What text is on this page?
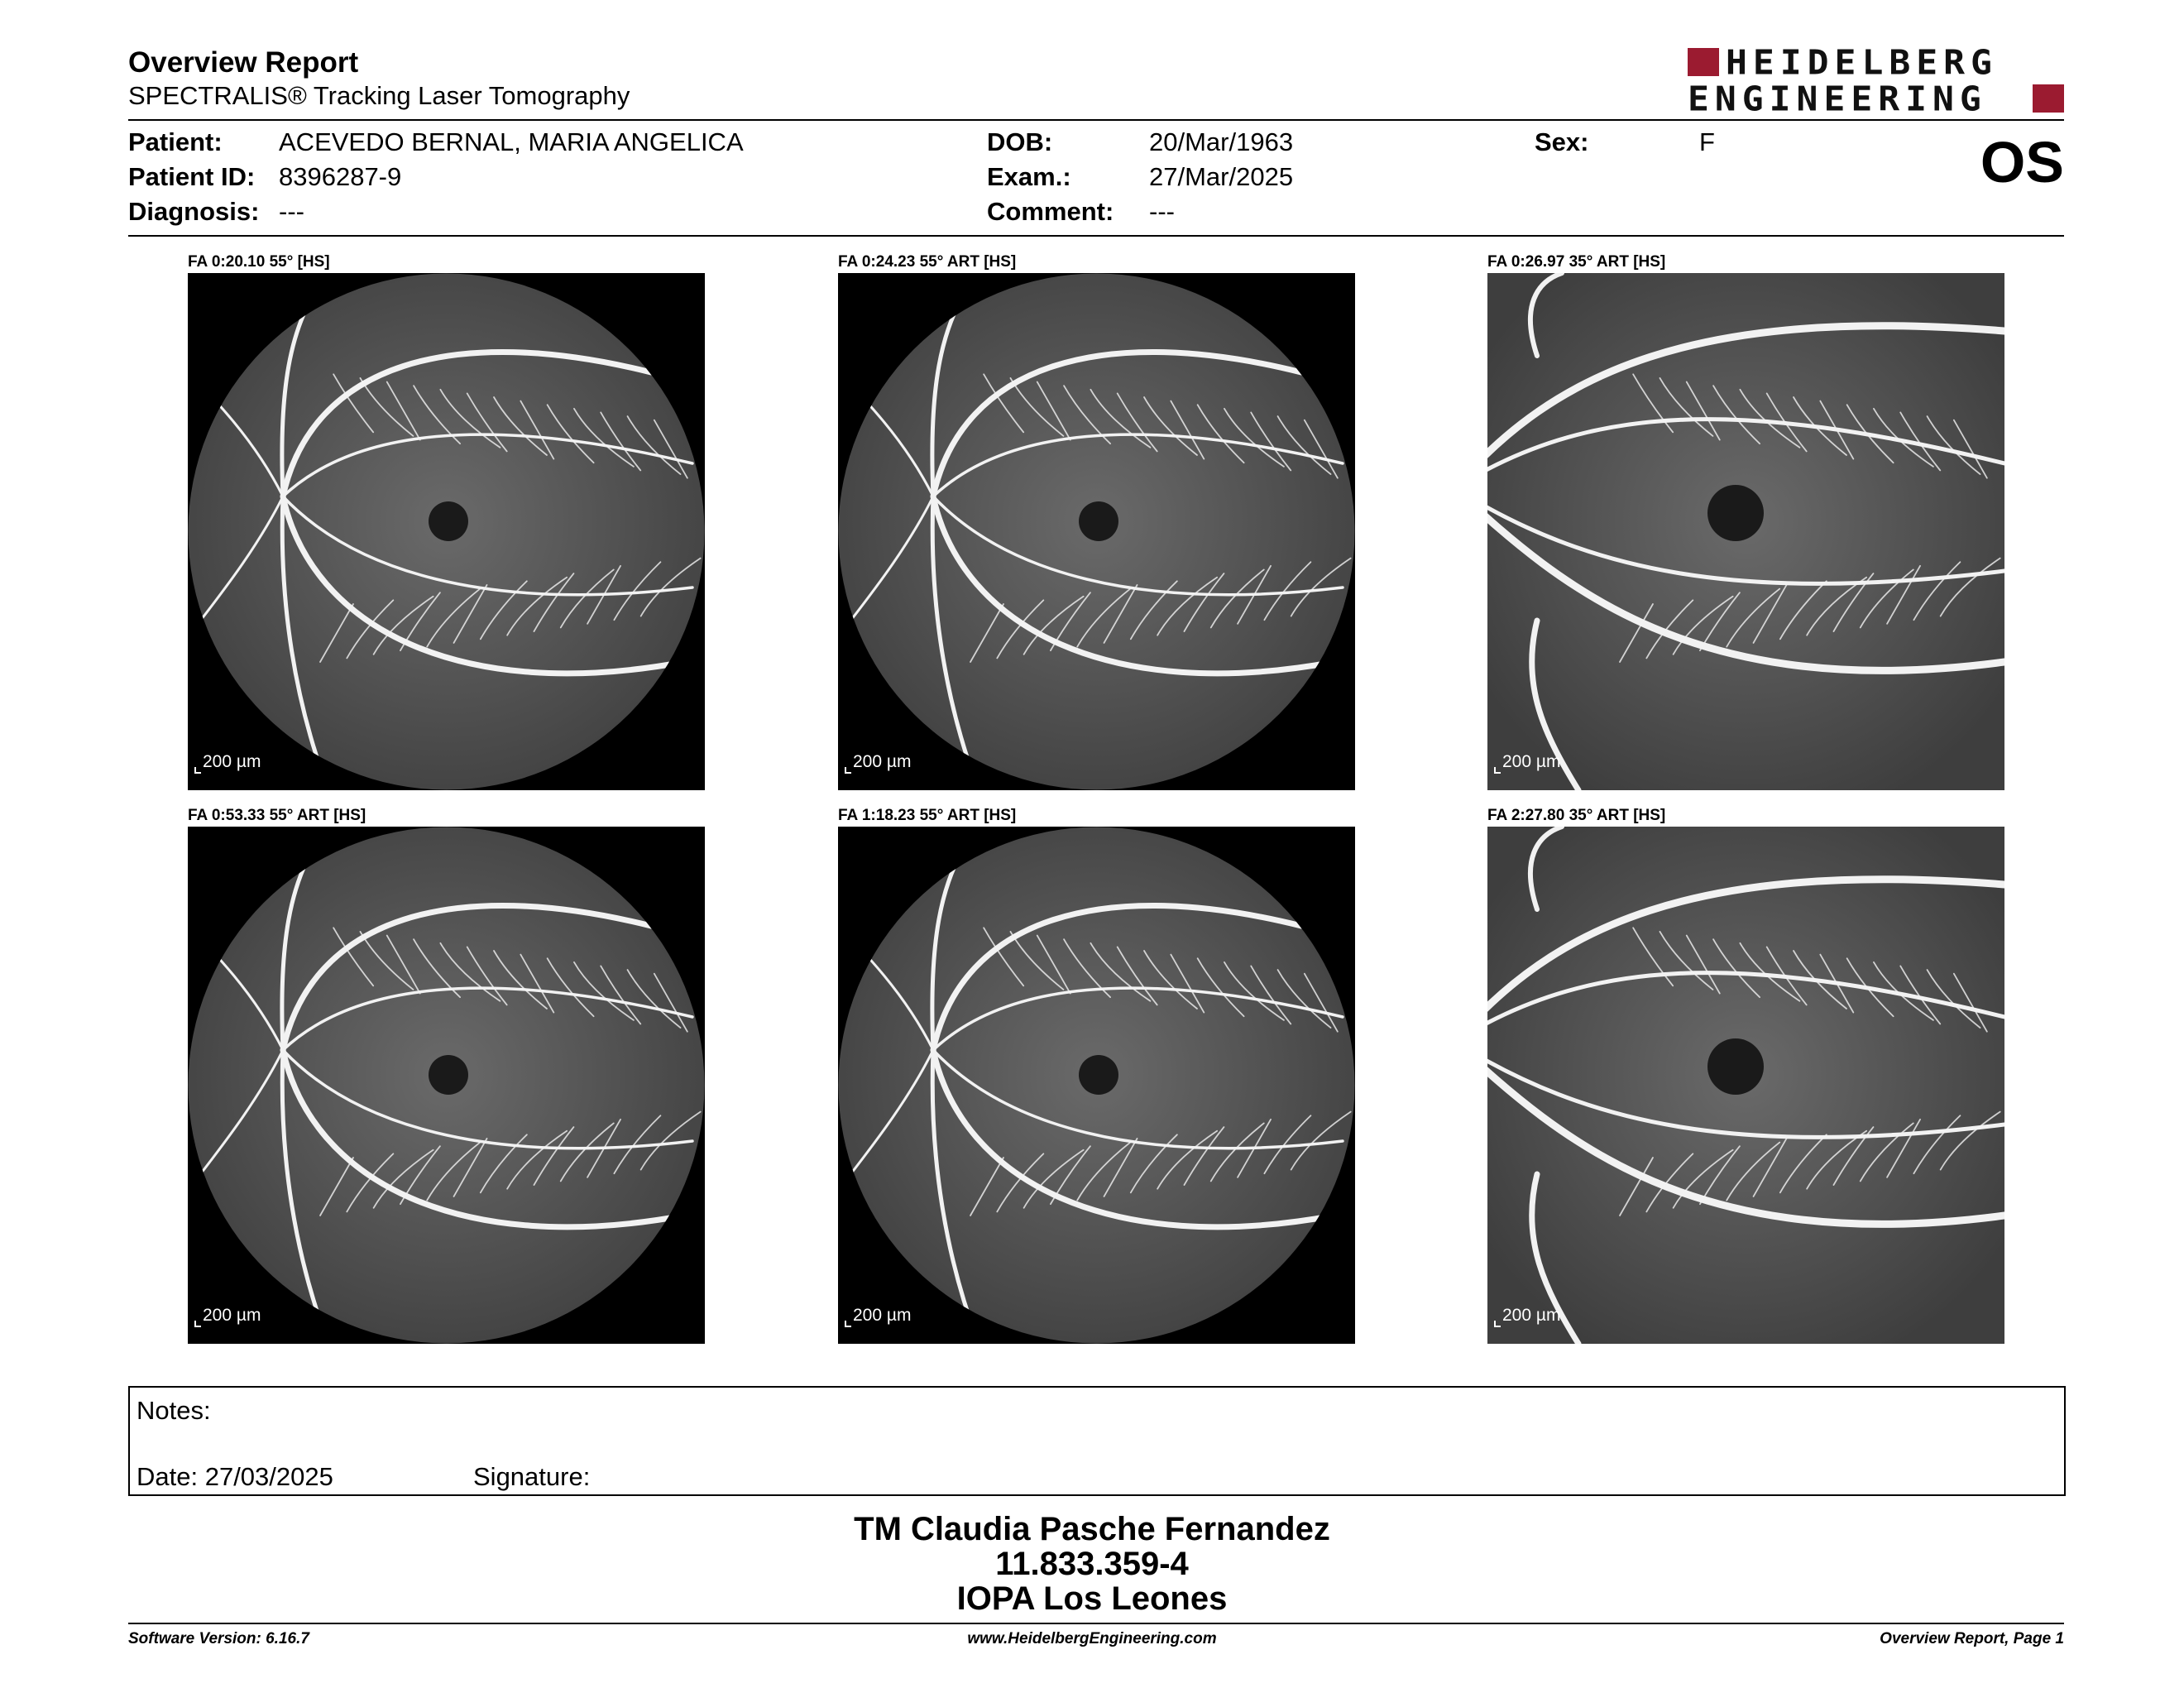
Overview Report
SPECTRALIS® Tracking Laser Tomography
HEIDELBERG
ENGINEERING
Patient: ACEVEDO BERNAL, MARIA ANGELICA
Patient ID: 8396287-9
Diagnosis: ---
DOB:	20/Mar/1963
Exam.:	27/Mar/2025
Comment: ---
Sex:	F	OS
FA 0:20.10 55° [HS]
200 µm
FA 0:24.23 55° ART [HS]
200 µm
FA 0:26.97 35° ART [HS]
200 µm
FA 0:53.33 55° ART [HS]
200 µm
FA 1:18.23 55° ART [HS]
200 µm
FA 2:27.80 35° ART [HS]
200 µm
Notes:
Date: 27/03/2025	Signature:
TM Claudia Pasche Fernandez
11.833.359-4
IOPA Los Leones
Software Version: 6.16.7	www.HeidelbergEngineering.com	Overview Report, Page 1
